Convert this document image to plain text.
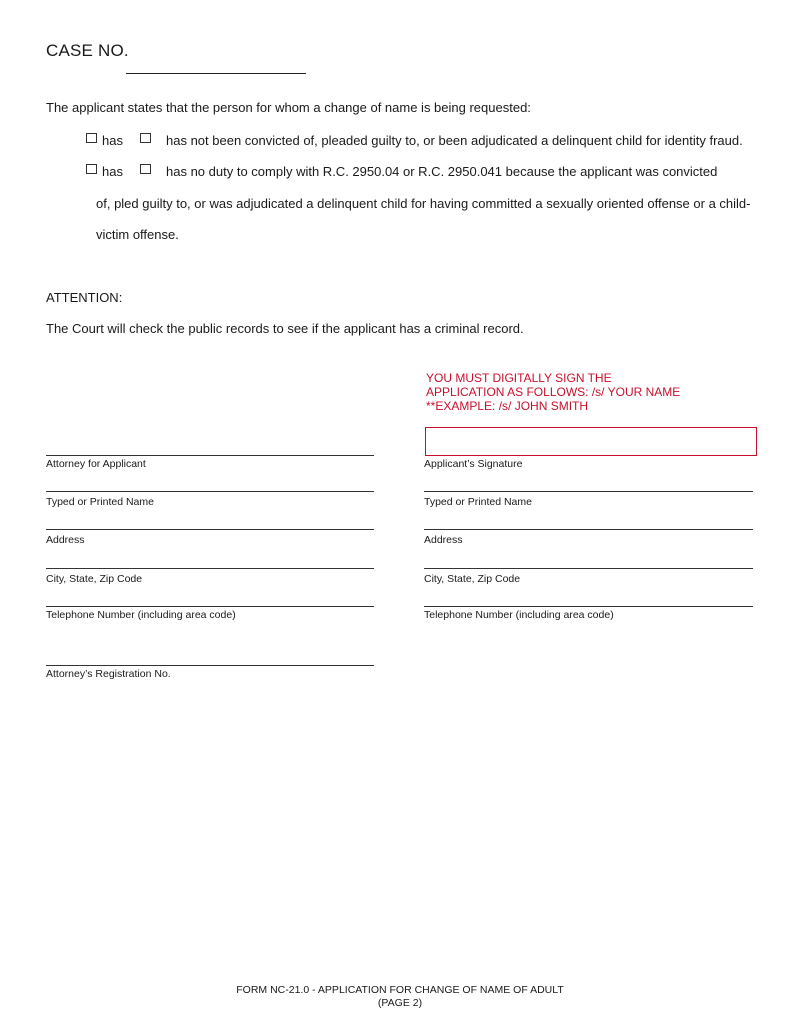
CASE NO.
The applicant states that the person for whom a change of name is being requested:
has	has not been convicted of, pleaded guilty to, or been adjudicated a delinquent child for identity fraud.
has	has no duty to comply with R.C. 2950.04 or R.C. 2950.041 because the applicant was convicted
of, pled guilty to, or was adjudicated a delinquent child for having committed a sexually oriented offense or a child-
victim offense.
ATTENTION:
The Court will check the public records to see if the applicant has a criminal record.
YOU MUST DIGITALLY SIGN THE
APPLICATION AS FOLLOWS: /s/ YOUR NAME
**EXAMPLE: /s/ JOHN SMITH
Attorney for Applicant
Typed or Printed Name
Address
City, State, Zip Code
Telephone Number (including area code)
Attorney’s Registration No.
Applicant’s Signature
Typed or Printed Name
Address
City, State, Zip Code
Telephone Number (including area code)
FORM NC-21.0 - APPLICATION FOR CHANGE OF NAME OF ADULT
(PAGE 2)
